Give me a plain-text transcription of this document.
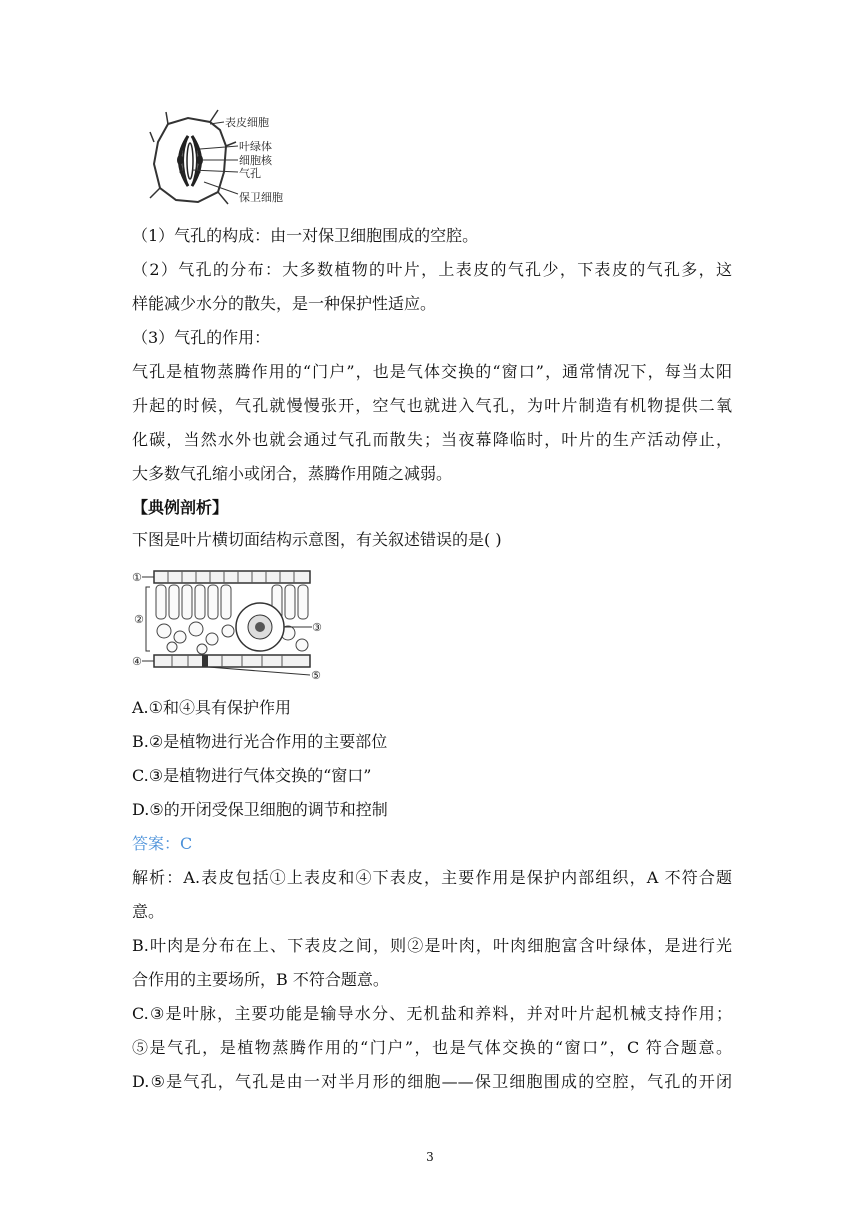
表皮细胞
叶绿体
细胞核
气孔
保卫细胞
（1）气孔的构成：由一对保卫细胞围成的空腔。
（2）气孔的分布：大多数植物的叶片，上表皮的气孔少，下表皮的气孔多，这
样能减少水分的散失，是一种保护性适应。
（3）气孔的作用：
气孔是植物蒸腾作用的“门户”，也是气体交换的“窗口”，通常情况下，每当太阳
升起的时候，气孔就慢慢张开，空气也就进入气孔，为叶片制造有机物提供二氧
化碳，当然水外也就会通过气孔而散失；当夜幕降临时，叶片的生产活动停止，
大多数气孔缩小或闭合，蒸腾作用随之减弱。
【典例剖析】
下图是叶片横切面结构示意图，有关叙述错误的是( )
①
②
③
④
⑤
A.①和④具有保护作用
B.②是植物进行光合作用的主要部位
C.③是植物进行气体交换的“窗口”
D.⑤的开闭受保卫细胞的调节和控制
答案：C
解析：A.表皮包括①上表皮和④下表皮，主要作用是保护内部组织，A 不符合题
意。
B.叶肉是分布在上、下表皮之间，则②是叶肉，叶肉细胞富含叶绿体，是进行光
合作用的主要场所，B 不符合题意。
C.③是叶脉，主要功能是输导水分、无机盐和养料，并对叶片起机械支持作用；
⑤是气孔，是植物蒸腾作用的“门户”，也是气体交换的“窗口”，C 符合题意。
D.⑤是气孔，气孔是由一对半月形的细胞——保卫细胞围成的空腔，气孔的开闭
3
